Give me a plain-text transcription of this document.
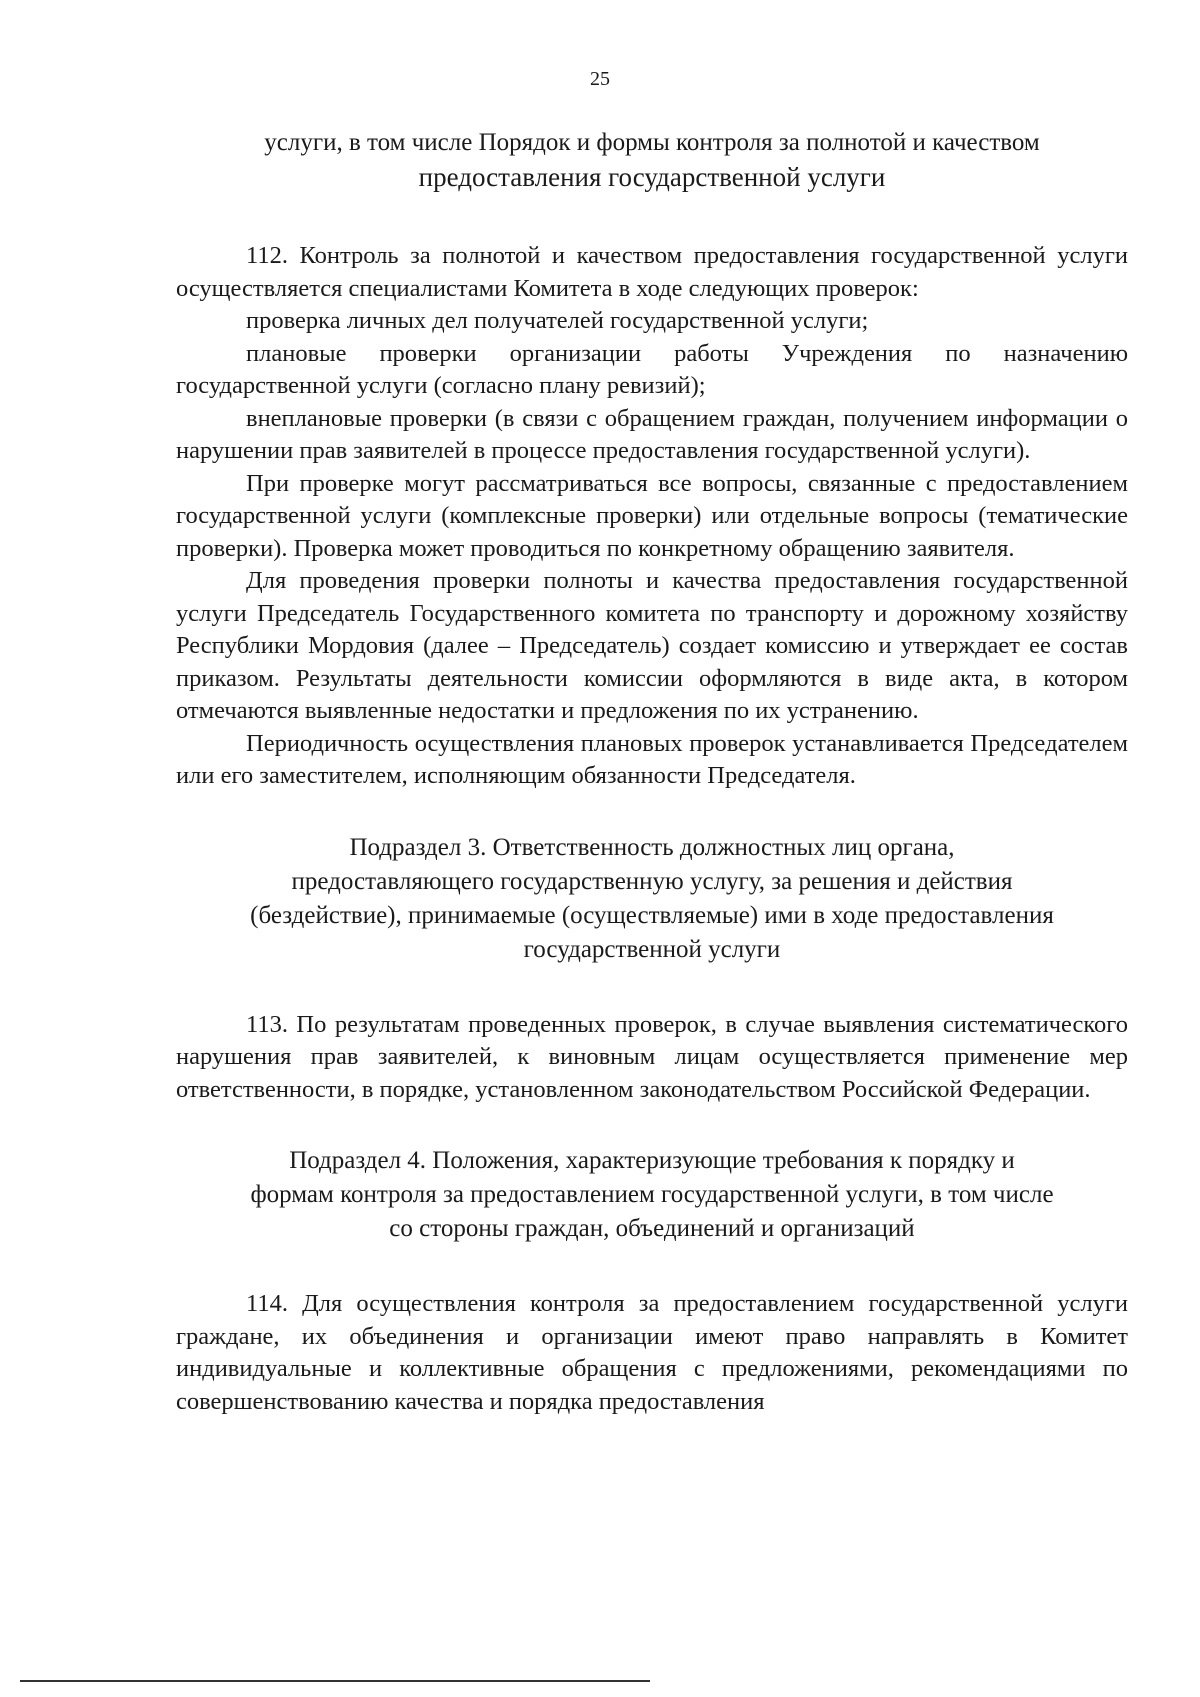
25
услуги, в том числе Порядок и формы контроля за полнотой и качеством
предоставления государственной услуги

112. Контроль за полнотой и качеством предоставления государственной услуги осуществляется специалистами Комитета в ходе следующих проверок:

проверка личных дел получателей государственной услуги;

плановые проверки организации работы Учреждения по назначению государственной услуги (согласно плану ревизий);

внеплановые проверки (в связи с обращением граждан, получением информации о нарушении прав заявителей в процессе предоставления государственной услуги).

При проверке могут рассматриваться все вопросы, связанные с предоставлением государственной услуги (комплексные проверки) или отдельные вопросы (тематические проверки). Проверка может проводиться по конкретному обращению заявителя.

Для проведения проверки полноты и качества предоставления государственной услуги Председатель Государственного комитета по транспорту и дорожному хозяйству Республики Мордовия (далее – Председатель) создает комиссию и утверждает ее состав приказом. Результаты деятельности комиссии оформляются в виде акта, в котором отмечаются выявленные недостатки и предложения по их устранению.

Периодичность осуществления плановых проверок устанавливается Председателем или его заместителем, исполняющим обязанности Председателя.

Подраздел 3. Ответственность должностных лиц органа,
предоставляющего государственную услугу, за решения и действия
(бездействие), принимаемые (осуществляемые) ими в ходе предоставления
государственной услуги

113. По результатам проведенных проверок, в случае выявления систематического нарушения прав заявителей, к виновным лицам осуществляется применение мер ответственности, в порядке, установленном законодательством Российской Федерации.

Подраздел 4. Положения, характеризующие требования к порядку и
формам контроля за предоставлением государственной услуги, в том числе
со стороны граждан, объединений и организаций

114. Для осуществления контроля за предоставлением государственной услуги граждане, их объединения и организации имеют право направлять в Комитет индивидуальные и коллективные обращения с предложениями, рекомендациями по совершенствованию качества и порядка предоставления
